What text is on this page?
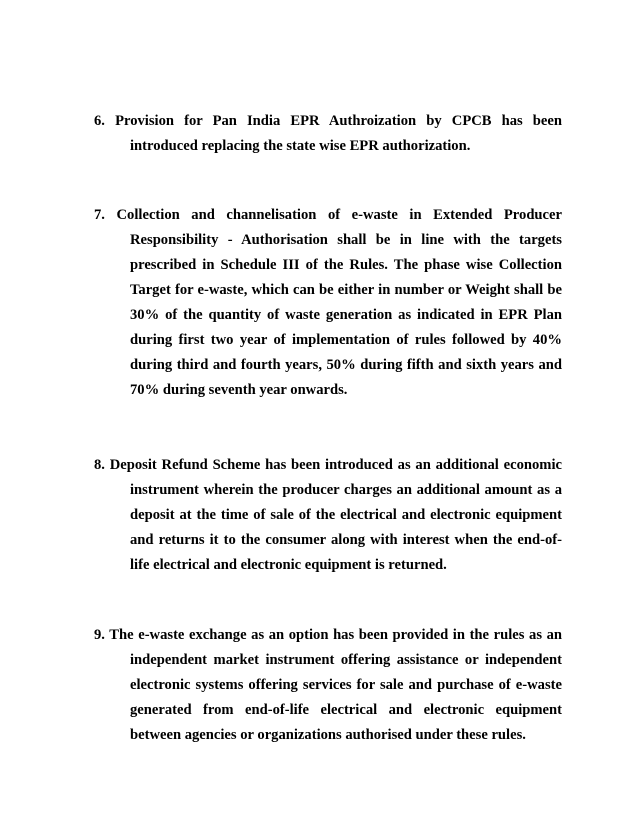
6. Provision for Pan India EPR Authroization by CPCB has been
introduced replacing the state wise EPR authorization.
7. Collection and channelisation of e-waste in Extended Producer
Responsibility - Authorisation shall be in line with the targets
prescribed in Schedule III of the Rules. The phase wise Collection
Target for e-waste, which can be either in number or Weight shall be
30% of the quantity of waste generation as indicated in EPR Plan
during first two year of implementation of rules followed by 40%
during third and fourth years, 50% during fifth and sixth years and
70% during seventh year onwards.
8. Deposit Refund Scheme has been introduced as an additional economic
instrument wherein the producer charges an additional amount as a
deposit at the time of sale of the electrical and electronic equipment
and returns it to the consumer along with interest when the end-of-
life electrical and electronic equipment is returned.
9. The e-waste exchange as an option has been provided in the rules as an
independent market instrument offering assistance or independent
electronic systems offering services for sale and purchase of e-waste
generated from end-of-life electrical and electronic equipment
between agencies or organizations authorised under these rules.
